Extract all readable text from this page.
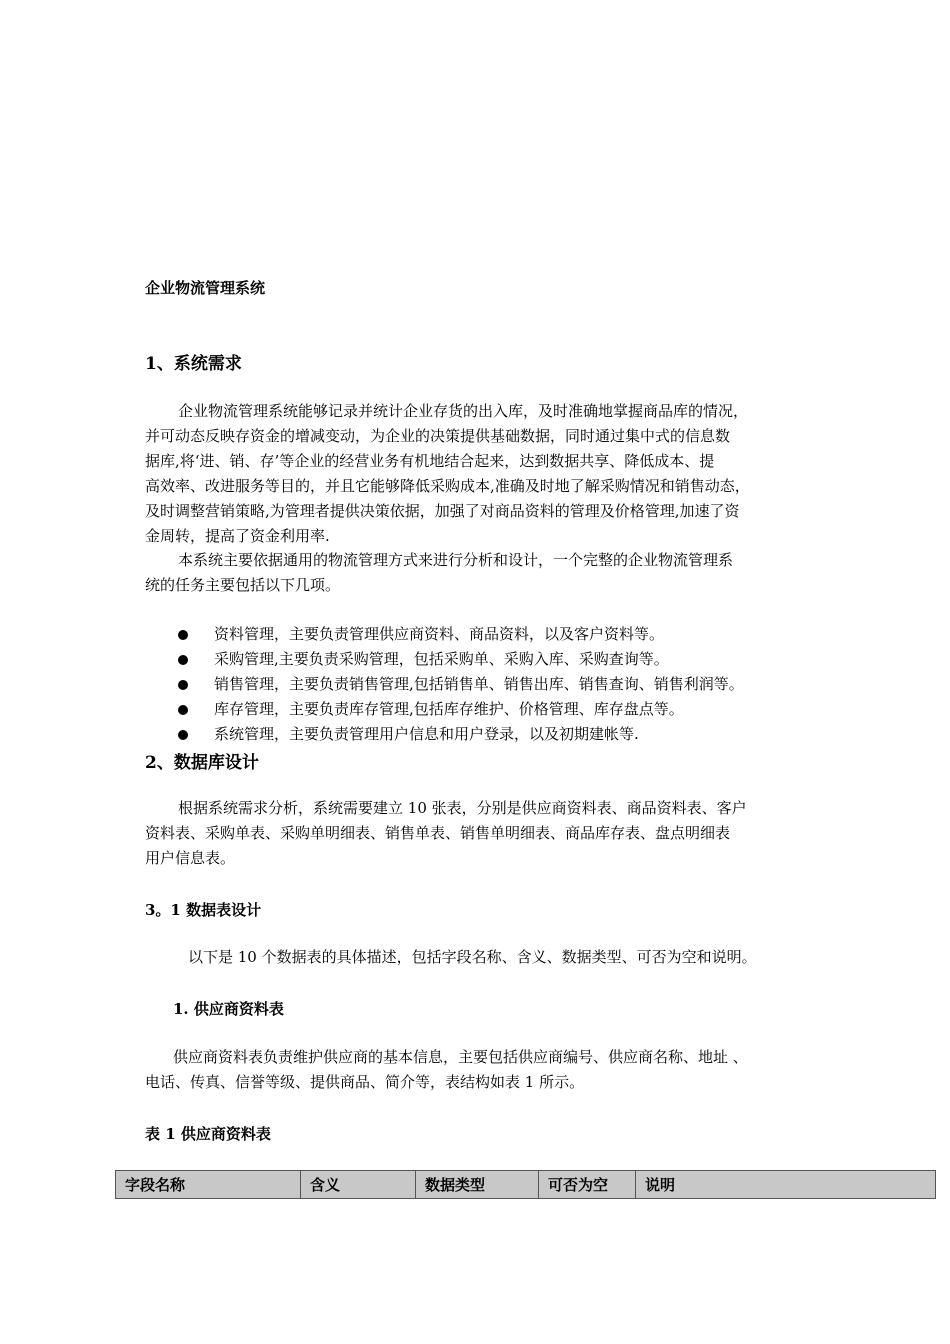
企业物流管理系统
1、系统需求
企业物流管理系统能够记录并统计企业存货的出入库，及时准确地掌握商品库的情况，
并可动态反映存资金的增减变动，为企业的决策提供基础数据，同时通过集中式的信息数
据库,将‘进、销、存’等企业的经营业务有机地结合起来，达到数据共享、降低成本、提
高效率、改进服务等目的，并且它能够降低采购成本,准确及时地了解采购情况和销售动态，
及时调整营销策略,为管理者提供决策依据，加强了对商品资料的管理及价格管理,加速了资
金周转，提高了资金利用率.
本系统主要依据通用的物流管理方式来进行分析和设计，一个完整的企业物流管理系
统的任务主要包括以下几项。
资料管理，主要负责管理供应商资料、商品资料，以及客户资料等。
采购管理,主要负责采购管理，包括采购单、采购入库、采购查询等。
销售管理，主要负责销售管理,包括销售单、销售出库、销售查询、销售利润等。
库存管理，主要负责库存管理,包括库存维护、价格管理、库存盘点等。
系统管理，主要负责管理用户信息和用户登录，以及初期建帐等.
2、数据库设计
根据系统需求分析，系统需要建立 10 张表，分别是供应商资料表、商品资料表、客户
资料表、采购单表、采购单明细表、销售单表、销售单明细表、商品库存表、盘点明细表
用户信息表。
3。1 数据表设计
以下是 10 个数据表的具体描述，包括字段名称、含义、数据类型、可否为空和说明。
1. 供应商资料表
供应商资料表负责维护供应商的基本信息，主要包括供应商编号、供应商名称、地址 、
电话、传真、信誉等级、提供商品、简介等，表结构如表 1 所示。
表 1 供应商资料表
字段名称	含义	数据类型	可否为空	说明
